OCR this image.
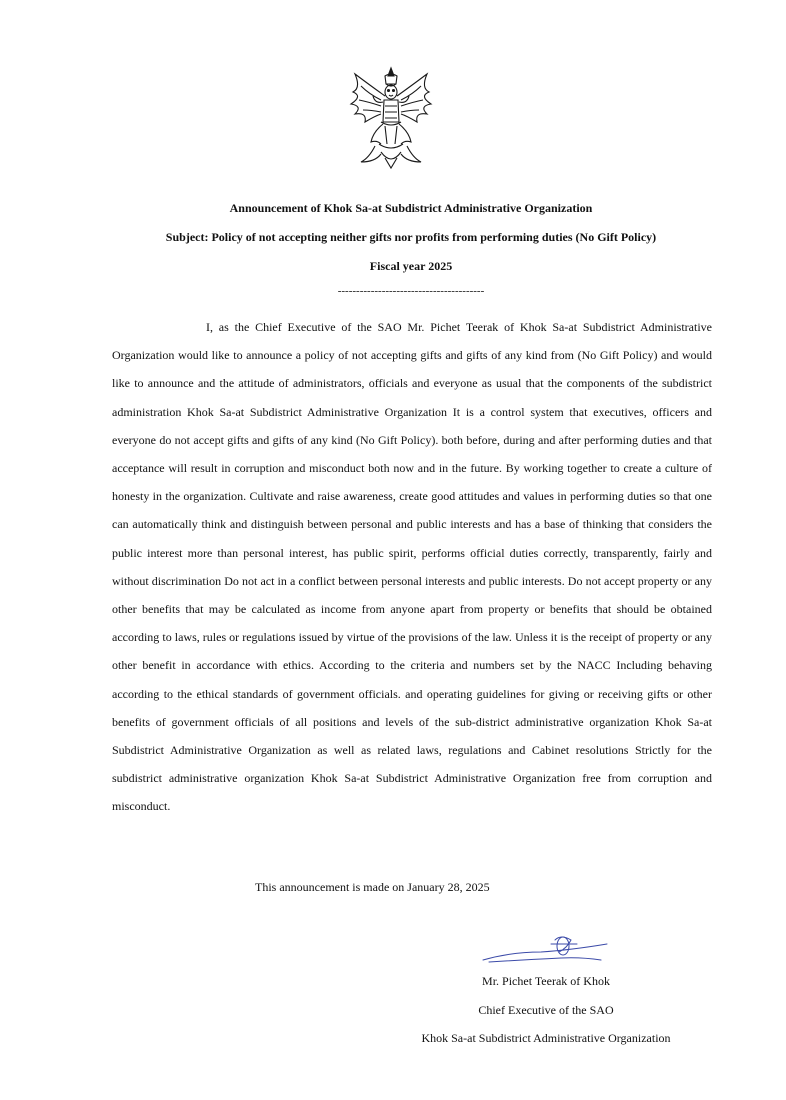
Announcement of Khok Sa-at Subdistrict Administrative Organization
Subject: Policy of not accepting neither gifts nor profits from performing duties (No Gift Policy)
Fiscal year 2025
----------------------------------------

I, as the Chief Executive of the SAO Mr. Pichet Teerak of Khok Sa-at Subdistrict Administrative Organization would like to announce a policy of not accepting gifts and gifts of any kind from (No Gift Policy) and would like to announce and the attitude of administrators, officials and everyone as usual that the components of the subdistrict administration Khok Sa-at Subdistrict Administrative Organization It is a control system that executives, officers and everyone do not accept gifts and gifts of any kind (No Gift Policy). both before, during and after performing duties and that acceptance will result in corruption and misconduct both now and in the future. By working together to create a culture of honesty in the organization. Cultivate and raise awareness, create good attitudes and values in performing duties so that one can automatically think and distinguish between personal and public interests and has a base of thinking that considers the public interest more than personal interest, has public spirit, performs official duties correctly, transparently, fairly and without discrimination Do not act in a conflict between personal interests and public interests. Do not accept property or any other benefits that may be calculated as income from anyone apart from property or benefits that should be obtained according to laws, rules or regulations issued by virtue of the provisions of the law. Unless it is the receipt of property or any other benefit in accordance with ethics. According to the criteria and numbers set by the NACC Including behaving according to the ethical standards of government officials. and operating guidelines for giving or receiving gifts or other benefits of government officials of all positions and levels of the sub-district administrative organization Khok Sa-at Subdistrict Administrative Organization as well as related laws, regulations and Cabinet resolutions Strictly for the subdistrict administrative organization Khok Sa-at Subdistrict Administrative Organization free from corruption and misconduct.

This announcement is made on January 28, 2025
Mr. Pichet Teerak of Khok
Chief Executive of the SAO
Khok Sa-at Subdistrict Administrative Organization
